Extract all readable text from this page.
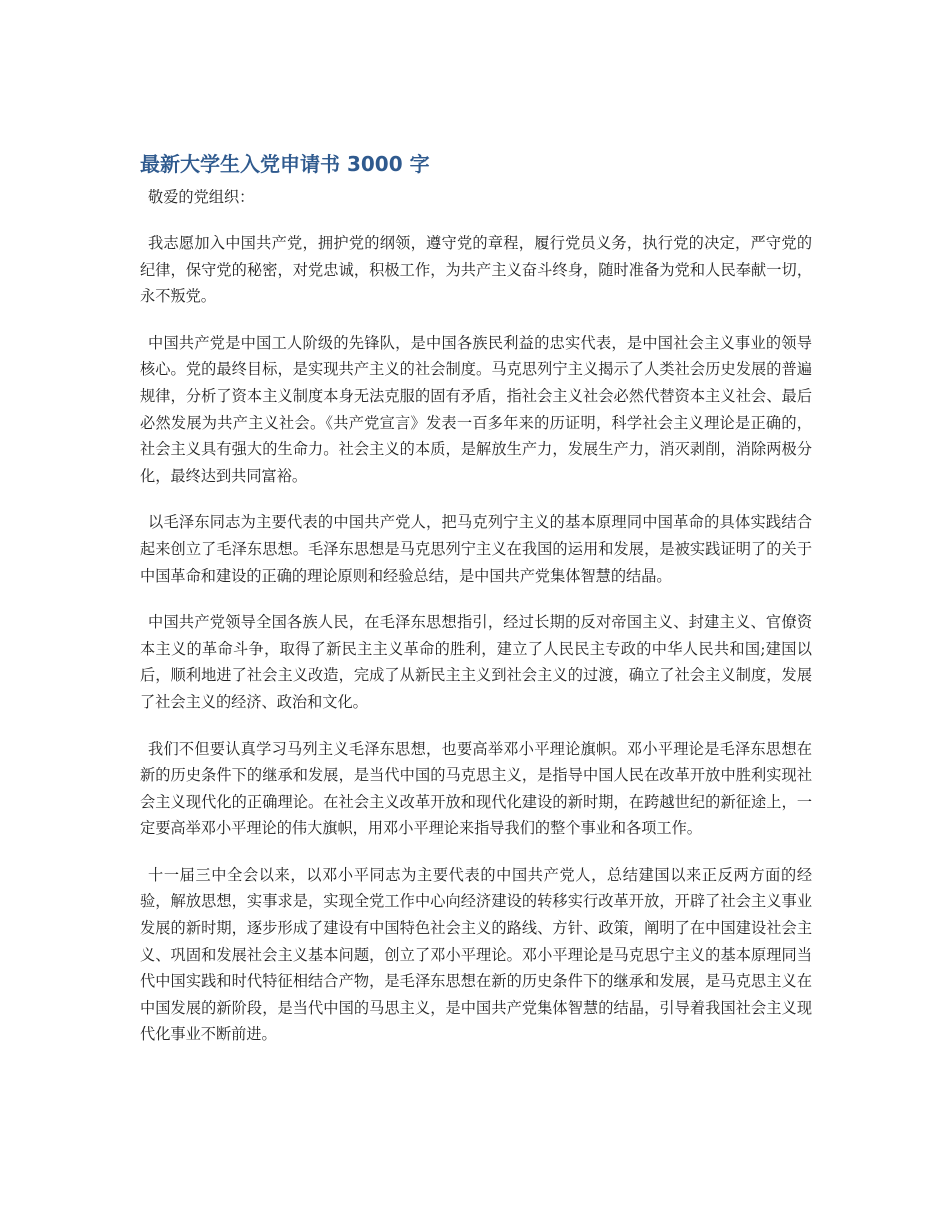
最新大学生入党申请书 3000 字

敬爱的党组织：

我志愿加入中国共产党，拥护党的纲领，遵守党的章程，履行党员义务，执行党的决定，严守党的纪律，保守党的秘密，对党忠诚，积极工作，为共产主义奋斗终身，随时准备为党和人民奉献一切，永不叛党。

中国共产党是中国工人阶级的先锋队，是中国各族民利益的忠实代表，是中国社会主义事业的领导核心。党的最终目标，是实现共产主义的社会制度。马克思列宁主义揭示了人类社会历史发展的普遍规律，分析了资本主义制度本身无法克服的固有矛盾，指社会主义社会必然代替资本主义社会、最后必然发展为共产主义社会。《共产党宣言》发表一百多年来的历证明，科学社会主义理论是正确的，社会主义具有强大的生命力。社会主义的本质，是解放生产力，发展生产力，消灭剥削，消除两极分化，最终达到共同富裕。

以毛泽东同志为主要代表的中国共产党人，把马克列宁主义的基本原理同中国革命的具体实践结合起来创立了毛泽东思想。毛泽东思想是马克思列宁主义在我国的运用和发展，是被实践证明了的关于中国革命和建设的正确的理论原则和经验总结，是中国共产党集体智慧的结晶。

中国共产党领导全国各族人民，在毛泽东思想指引，经过长期的反对帝国主义、封建主义、官僚资本主义的革命斗争，取得了新民主主义革命的胜利，建立了人民民主专政的中华人民共和国;建国以后，顺利地进了社会主义改造，完成了从新民主主义到社会主义的过渡，确立了社会主义制度，发展了社会主义的经济、政治和文化。

我们不但要认真学习马列主义毛泽东思想，也要高举邓小平理论旗帜。邓小平理论是毛泽东思想在新的历史条件下的继承和发展，是当代中国的马克思主义，是指导中国人民在改革开放中胜利实现社会主义现代化的正确理论。在社会主义改革开放和现代化建设的新时期，在跨越世纪的新征途上，一定要高举邓小平理论的伟大旗帜，用邓小平理论来指导我们的整个事业和各项工作。

十一届三中全会以来，以邓小平同志为主要代表的中国共产党人，总结建国以来正反两方面的经验，解放思想，实事求是，实现全党工作中心向经济建设的转移实行改革开放，开辟了社会主义事业发展的新时期，逐步形成了建设有中国特色社会主义的路线、方针、政策，阐明了在中国建设社会主义、巩固和发展社会主义基本问题，创立了邓小平理论。邓小平理论是马克思宁主义的基本原理同当代中国实践和时代特征相结合产物，是毛泽东思想在新的历史条件下的继承和发展，是马克思主义在中国发展的新阶段，是当代中国的马思主义，是中国共产党集体智慧的结晶，引导着我国社会主义现代化事业不断前进。
